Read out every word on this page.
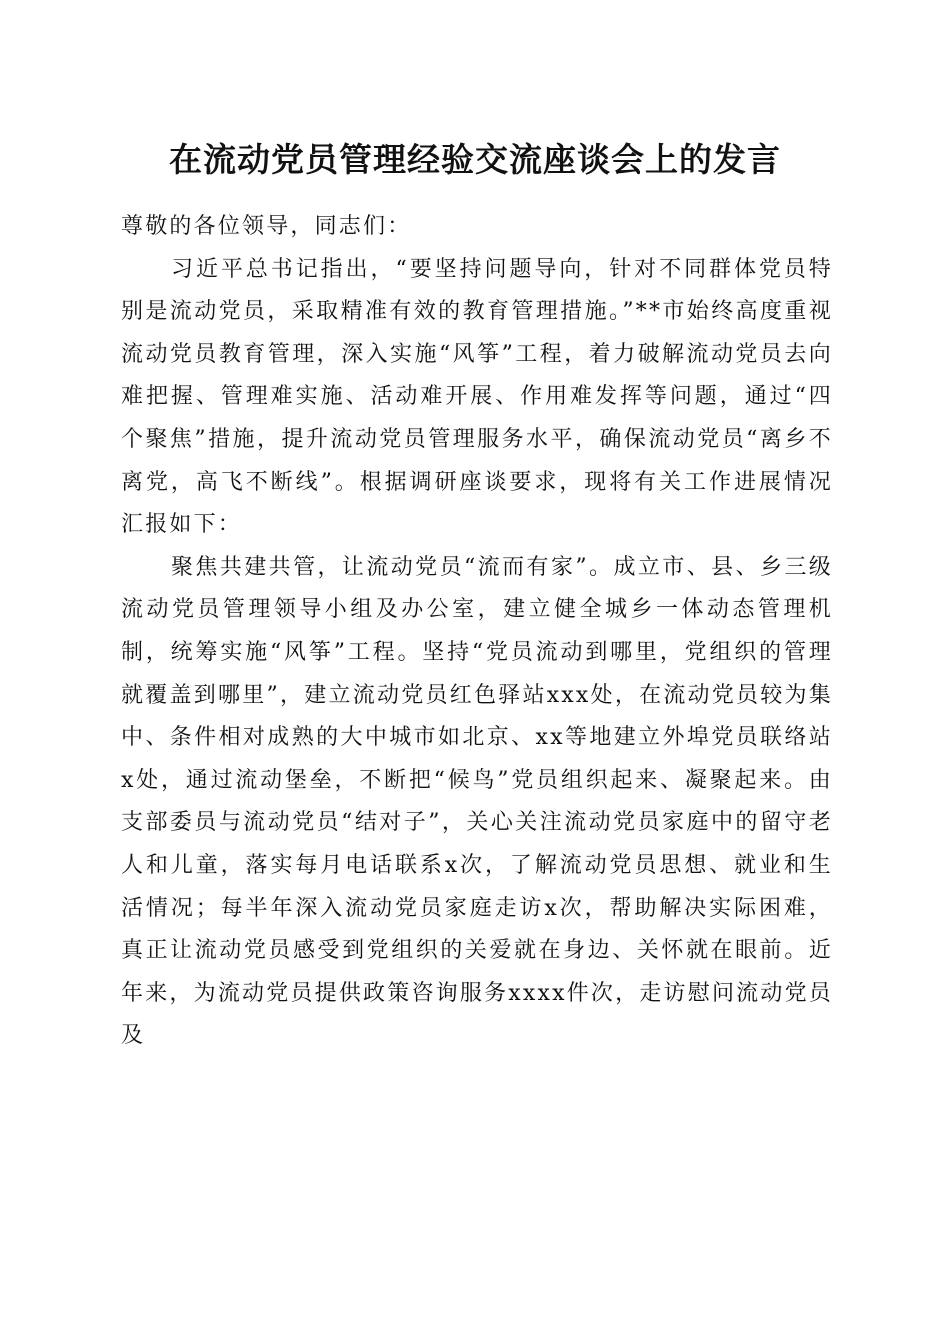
在流动党员管理经验交流座谈会上的发言

尊敬的各位领导，同志们：

习近平总书记指出，“要坚持问题导向，针对不同群体党员特别是流动党员，采取精准有效的教育管理措施。”**市始终高度重视流动党员教育管理，深入实施“风筝”工程，着力破解流动党员去向难把握、管理难实施、活动难开展、作用难发挥等问题，通过“四个聚焦”措施，提升流动党员管理服务水平，确保流动党员“离乡不离党，高飞不断线”。根据调研座谈要求，现将有关工作进展情况汇报如下：

聚焦共建共管，让流动党员“流而有家”。成立市、县、乡三级流动党员管理领导小组及办公室，建立健全城乡一体动态管理机制，统筹实施“风筝”工程。坚持“党员流动到哪里，党组织的管理就覆盖到哪里”，建立流动党员红色驿站xxx处，在流动党员较为集中、条件相对成熟的大中城市如北京、xx等地建立外埠党员联络站x处，通过流动堡垒，不断把“候鸟”党员组织起来、凝聚起来。由支部委员与流动党员“结对子”，关心关注流动党员家庭中的留守老人和儿童，落实每月电话联系x次，了解流动党员思想、就业和生活情况；每半年深入流动党员家庭走访x次，帮助解决实际困难，真正让流动党员感受到党组织的关爱就在身边、关怀就在眼前。近年来，为流动党员提供政策咨询服务xxxx件次，走访慰问流动党员及
